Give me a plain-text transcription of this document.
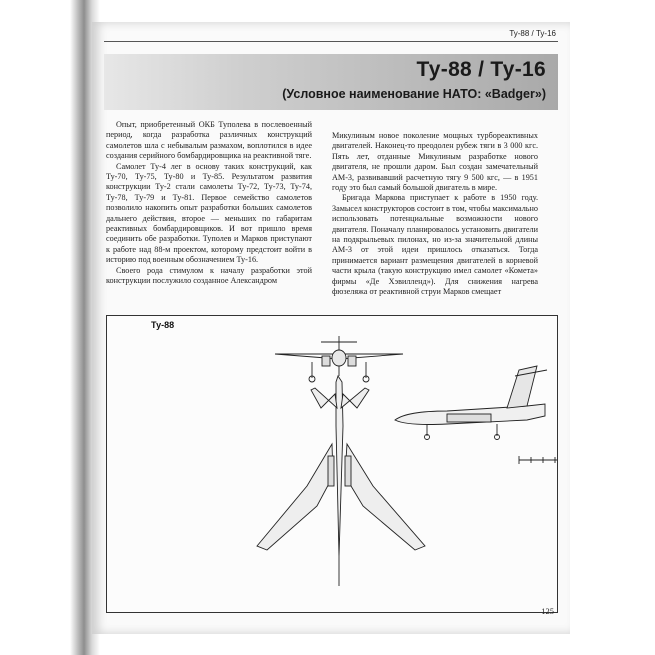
Ту-88 / Ту-16
Ту-88 / Ту-16
(Условное наименование НАТО: «Badger»)

Опыт, приобретенный ОКБ Туполева в послевоенный период, когда разработка различных конструкций самолетов шла с небывалым размахом, воплотился в идее создания серийного бомбардировщика на реактивной тяге.

Самолет Ту-4 лег в основу таких конструкций, как Ту-70, Ту-75, Ту-80 и Ту-85. Результатом развития конструкции Ту-2 стали самолеты Ту-72, Ту-73, Ту-74, Ту-78, Ту-79 и Ту-81. Первое семейство самолетов позволило накопить опыт разработки больших самолетов дальнего действия, второе — меньших по габаритам реактивных бомбардировщиков. И вот пришло время соединить обе разработки. Туполев и Марков приступают к работе над 88-м проектом, которому предстоит войти в историю под военным обозначением Ту-16.

Своего рода стимулом к началу разработки этой конструкции послужило созданное Александром

Микулиным новое поколение мощных турбореактивных двигателей. Наконец-то преодолен рубеж тяги в 3 000 кгс. Пять лет, отданные Микулиным разработке нового двигателя, не прошли даром. Был создан замечательный АМ-3, развивавший расчетную тягу 9 500 кгс, — в 1951 году это был самый большой двигатель в мире.

Бригада Маркова приступает к работе в 1950 году. Замысел конструкторов состоит в том, чтобы максимально использовать потенциальные возможности нового двигателя. Поначалу планировалось установить двигатели на подкрыльевых пилонах, но из-за значительной длины АМ-3 от этой идеи пришлось отказаться. Тогда принимается вариант размещения двигателей в корневой части крыла (такую конструкцию имел самолет «Комета» фирмы «Де Хэвилленд»). Для снижения нагрева фюзеляжа от реактивной струи Марков смещает

Ту-88
125
